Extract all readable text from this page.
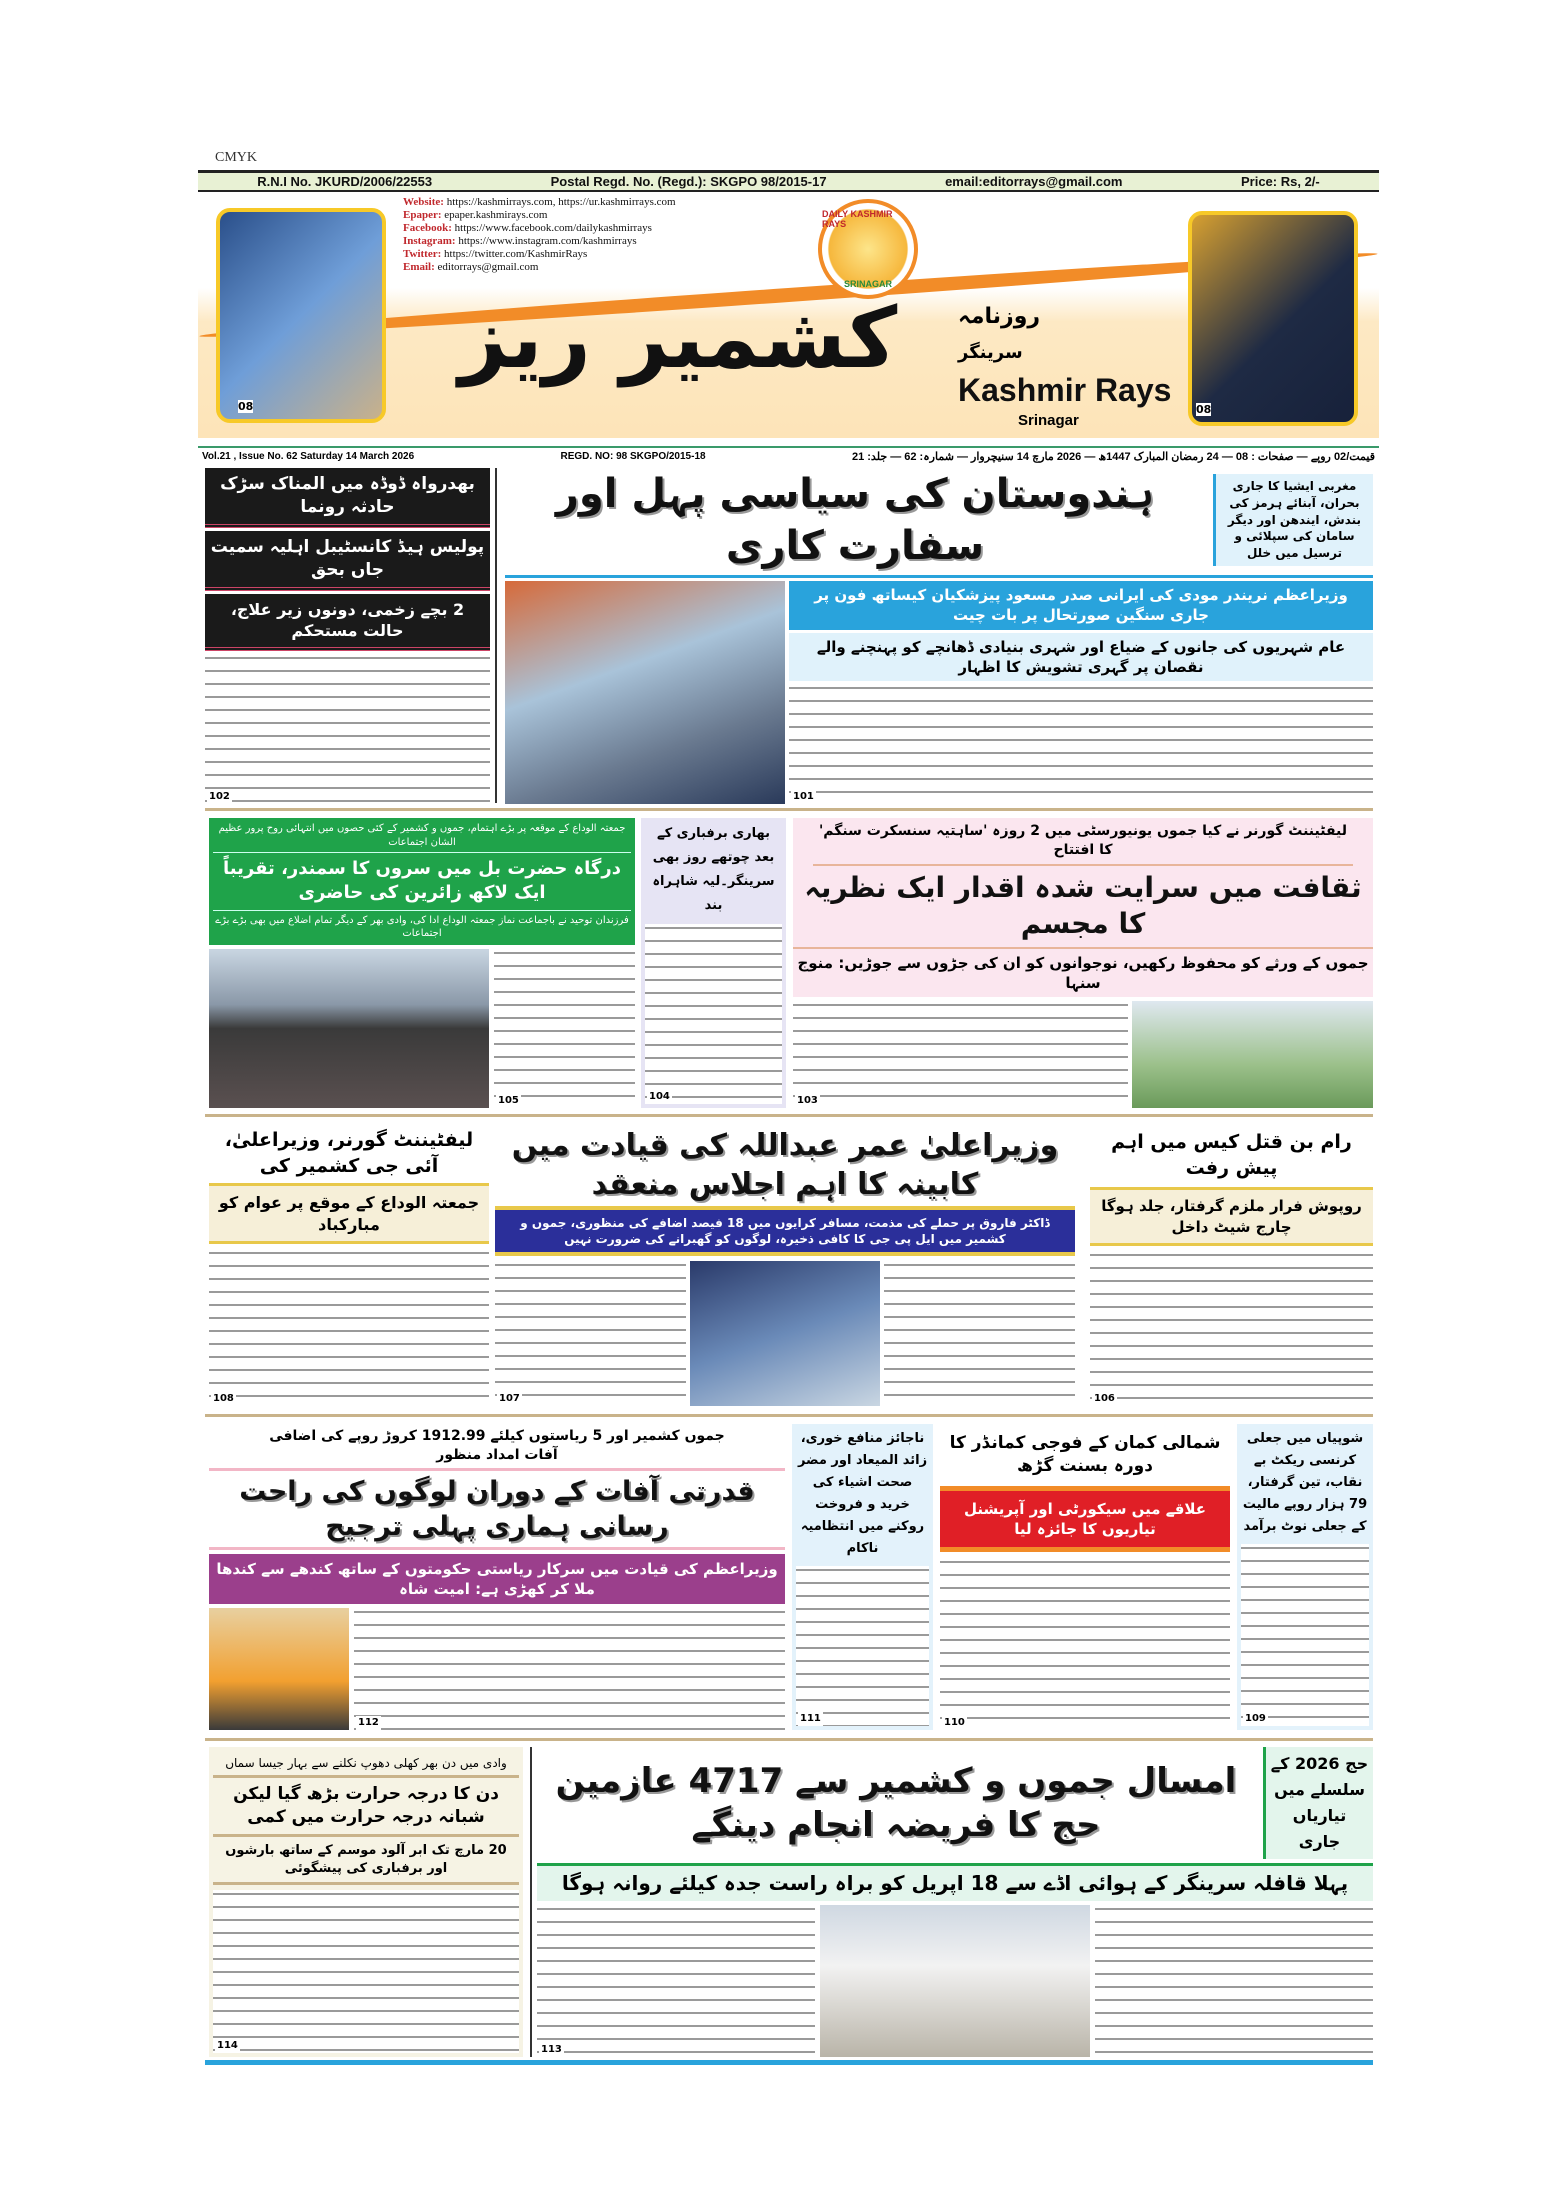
CMYK
R.N.I No. JKURD/2006/22553	Postal Regd. No. (Regd.): SKGPO 98/2015-17	email:editorrays@gmail.com	Price: Rs, 2/-
08	08
Website: https://kashmirrays.com, https://ur.kashmirrays.com
Epaper: epaper.kashmirays.com
Facebook: https://www.facebook.com/dailykashmirrays
Instagram: https://www.instagram.com/kashmirrays
Twitter: https://twitter.com/KashmirRays
Email: editorrays@gmail.com
DAILY KASHMIR RAYS
SRINAGAR
کشمیر ریز	روزنامہ
سرینگر
Kashmir Rays
Srinagar
Vol.21 , Issue No. 62 Saturday 14 March 2026	REGD. NO: 98 SKGPO/2015-18	قیمت/02 روپے — صفحات : 08 — 24 رمضان المبارک 1447ھ — 2026 مارچ 14 سنیچروار — شمارہ: 62 — جلد: 21
بھدرواہ ڈوڈہ میں المناک سڑک حادثہ رونما
پولیس ہیڈ کانسٹیبل اہلیہ سمیت جاں بحق
2 بچے زخمی، دونوں زیر علاج، حالت مستحکم
102
ہندوستان کی سیاسی پہل اور سفارت کاری
مغربی ایشیا کا جاری بحران، آبنائے ہرمز کی بندش، ایندھن اور دیگر سامان کی سپلائی و ترسیل میں خلل
وزیراعظم نریندر مودی کی ایرانی صدر مسعود پیزشکیان کیساتھ فون پر جاری سنگین صورتحال پر بات چیت
عام شہریوں کی جانوں کے ضیاع اور شہری بنیادی ڈھانچے کو پہنچنے والے نقصان پر گہری تشویش کا اظہار
101
جمعتہ الوداع کے موقعہ پر بڑے اہتمام، جموں و کشمیر کے کئی حصوں میں انتہائی روح پرور عظیم الشان اجتماعات
درگاہ حضرت بل میں سروں کا سمندر، تقریباً ایک لاکھ زائرین کی حاضری
فرزندان توحید نے باجماعت نماز جمعتہ الوداع ادا کی، وادی بھر کے دیگر تمام اضلاع میں بھی بڑے بڑے اجتماعات
105
بھاری برفباری کے بعد چوتھے روز بھی سرینگر۔لیہ شاہراہ بند
104
لیفٹیننٹ گورنر نے کیا جموں یونیورسٹی میں 2 روزہ 'ساہتیہ سنسکرت سنگم' کا افتتاح
ثقافت میں سرایت شدہ اقدار ایک نظریہ کا مجسم
جموں کے ورثے کو محفوظ رکھیں، نوجوانوں کو ان کی جڑوں سے جوڑیں: منوج سنہا
103
لیفٹیننٹ گورنر، وزیراعلیٰ، آئی جی کشمیر کی
جمعتہ الوداع کے موقع پر عوام کو مبارکباد
108
وزیراعلیٰ عمر عبداللہ کی قیادت میں کابینہ کا اہم اجلاس منعقد
ڈاکٹر فاروق پر حملے کی مذمت، مسافر کرایوں میں 18 فیصد اضافے کی منظوری، جموں و کشمیر میں ایل پی جی کا کافی ذخیرہ، لوگوں کو گھبرانے کی ضرورت نہیں
107
رام بن قتل کیس میں اہم پیش رفت
روپوش فرار ملزم گرفتار، جلد ہوگا چارج شیٹ داخل
106
جموں کشمیر اور 5 ریاستوں کیلئے 1912.99 کروڑ روپے کی اضافی آفات امداد منظور
قدرتی آفات کے دوران لوگوں کی راحت رسانی ہماری پہلی ترجیح
وزیراعظم کی قیادت میں سرکار ریاستی حکومتوں کے ساتھ کندھے سے کندھا ملا کر کھڑی ہے: امیت شاہ
112
ناجائز منافع خوری، زائد المیعاد اور مضر صحت اشیاء کی خرید و فروخت روکنے میں انتظامیہ ناکام
111
شمالی کمان کے فوجی کمانڈر کا دورہ بسنت گڑھ
علاقے میں سیکورٹی اور آپریشنل تیاریوں کا جائزہ لیا
110
شوپیاں میں جعلی کرنسی ریکٹ بے نقاب، تین گرفتار، 79 ہزار روپے مالیت کے جعلی نوٹ برآمد
109
وادی میں دن بھر کھلی دھوپ نکلنے سے بہار جیسا سماں
دن کا درجہ حرارت بڑھ گیا لیکن شبانہ درجہ حرارت میں کمی
20 مارچ تک ابر آلود موسم کے ساتھ بارشوں اور برفباری کی پیشگوئی
114
امسال جموں و کشمیر سے 4717 عازمین حج کا فریضہ انجام دینگے
حج 2026 کے سلسلے میں تیاریاں جاری
پہلا قافلہ سرینگر کے ہوائی اڈے سے 18 اپریل کو براہ راست جدہ کیلئے روانہ ہوگا
113
